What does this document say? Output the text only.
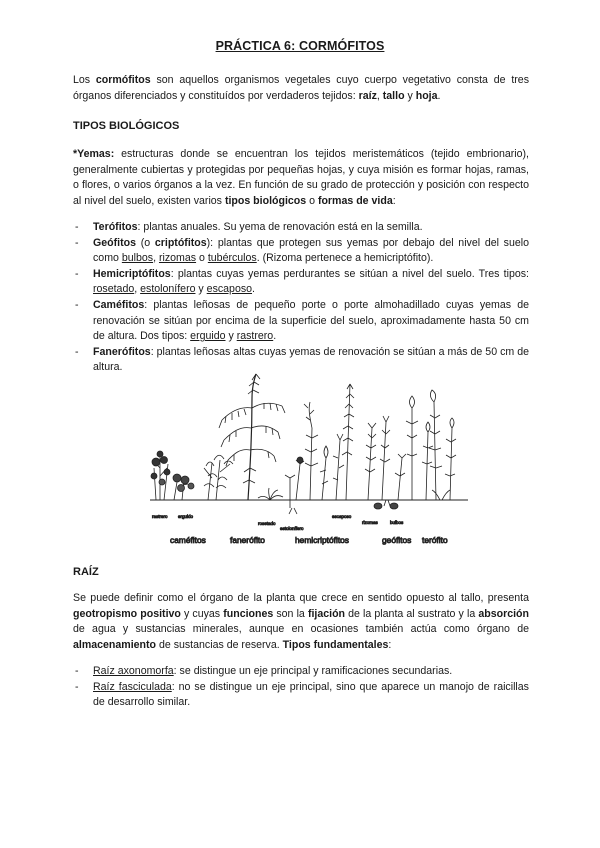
PRÁCTICA 6: CORMÓFITOS

Los cormófitos son aquellos organismos vegetales cuyo cuerpo vegetativo consta de tres órganos diferenciados y constituídos por verdaderos tejidos: raíz, tallo y hoja.

TIPOS BIOLÓGICOS

*Yemas: estructuras donde se encuentran los tejidos meristemáticos (tejido embrionario), generalmente cubiertas y protegidas por pequeñas hojas, y cuya misión es formar hojas, ramas, o flores, o varios órganos a la vez. En función de su grado de protección y posición con respecto al nivel del suelo, existen varios tipos biológicos o formas de vida:

- Terófitos: plantas anuales. Su yema de renovación está en la semilla.
- Geófitos (o criptófitos): plantas que protegen sus yemas por debajo del nivel del suelo como bulbos, rizomas o tubérculos. (Rizoma pertenece a hemicriptófito).
- Hemicriptófitos: plantas cuyas yemas perdurantes se sitúan a nivel del suelo. Tres tipos: rosetado, estolonífero y escaposo.
- Caméfitos: plantas leñosas de pequeño porte o porte almohadillado cuyas yemas de renovación se sitúan por encima de la superficie del suelo, aproximadamente hasta 50 cm de altura. Dos tipos: erguido y rastrero.
- Fanerófitos: plantas leñosas altas cuyas yemas de renovación se sitúan a más de 50 cm de altura.
rastrero erguido
rosetado
estolonífero
escaposo
rizomas	bulbos
caméfitos	fanerófito	hemicriptófitos	geófitos terófito

RAÍZ

Se puede definir como el órgano de la planta que crece en sentido opuesto al tallo, presenta geotropismo positivo y cuyas funciones son la fijación de la planta al sustrato y la absorción de agua y sustancias minerales, aunque en ocasiones también actúa como órgano de almacenamiento de sustancias de reserva. Tipos fundamentales:

- Raíz axonomorfa: se distingue un eje principal y ramificaciones secundarias.
- Raíz fasciculada: no se distingue un eje principal, sino que aparece un manojo de raicillas de desarrollo similar.
